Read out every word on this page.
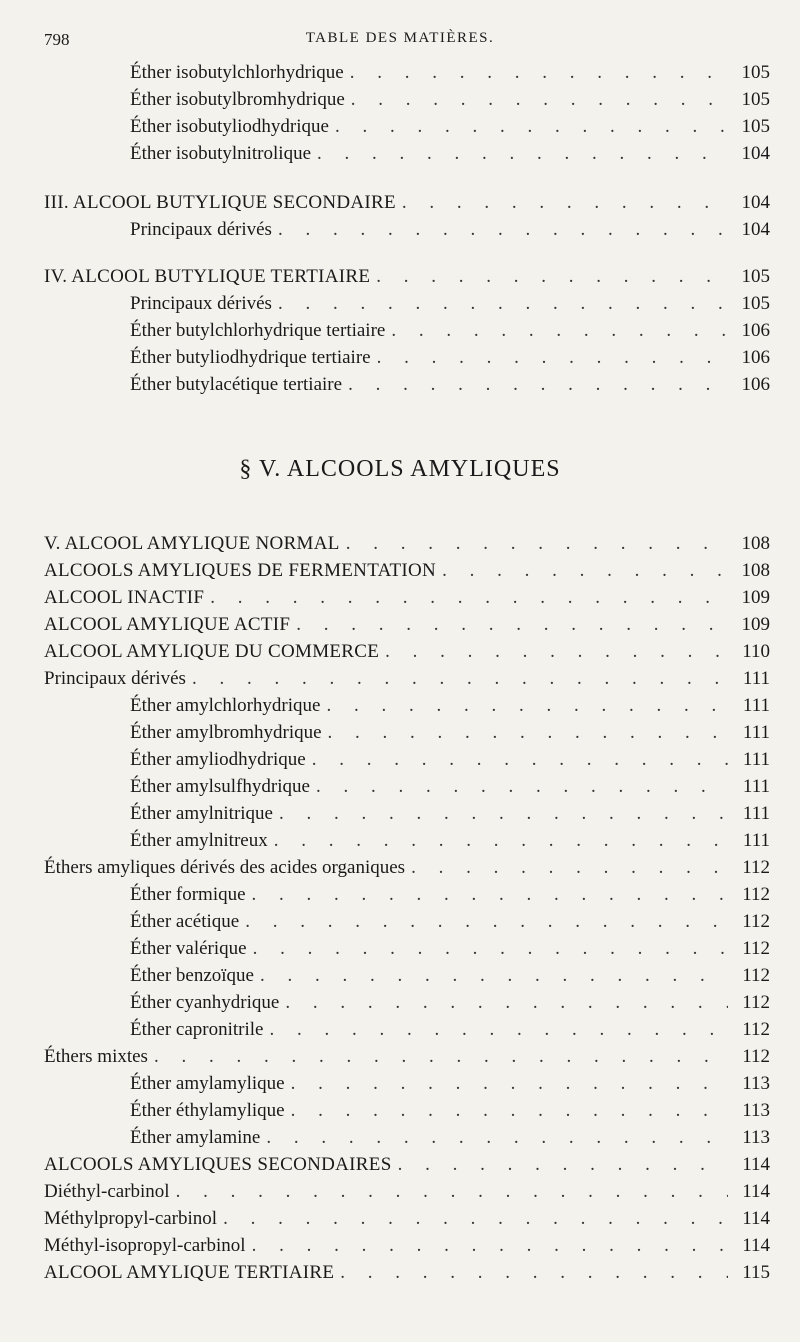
798	TABLE DES MATIÈRES.
Éther isobutylchlorhydrique . . .	105
Éther isobutylbromhydrique . . .	105
Éther isobutyliodhydrique . . .	105
Éther isobutylnitrolique . . .	104
III. ALCOOL BUTYLIQUE SECONDAIRE . . .	104
Principaux dérivés . . .	104
IV. ALCOOL BUTYLIQUE TERTIAIRE . . .	105
Principaux dérivés . . .	105
Éther butylchlorhydrique tertiaire . . .	106
Éther butyliodhydrique tertiaire . . .	106
Éther butylacétique tertiaire . . .	106
§ V. ALCOOLS AMYLIQUES
V. ALCOOL AMYLIQUE NORMAL . . .	108
ALCOOLS AMYLIQUES DE FERMENTATION . . .	108
ALCOOL INACTIF . . .	109
ALCOOL AMYLIQUE ACTIF . . .	109
ALCOOL AMYLIQUE DU COMMERCE . . .	110
Principaux dérivés . . .	111
Éther amylchlorhydrique . . .	111
Éther amylbromhydrique . . .	111
Éther amyliodhydrique . . .	111
Éther amylsulfhydrique . . .	111
Éther amylnitrique . . .	111
Éther amylnitreux . . .	111
Éthers amyliques dérivés des acides organiques . . .	112
Éther formique . . .	112
Éther acétique . . .	112
Éther valérique . . .	112
Éther benzoïque . . .	112
Éther cyanhydrique . . .	112
Éther capronitrile . . .	112
Éthers mixtes . . .	112
Éther amylamylique . . .	113
Éther éthylamylique . . .	113
Éther amylamine . . .	113
ALCOOLS AMYLIQUES SECONDAIRES . . .	114
Diéthyl-carbinol . . .	114
Méthylpropyl-carbinol . . .	114
Méthyl-isopropyl-carbinol . . .	114
ALCOOL AMYLIQUE TERTIAIRE . . .	115
